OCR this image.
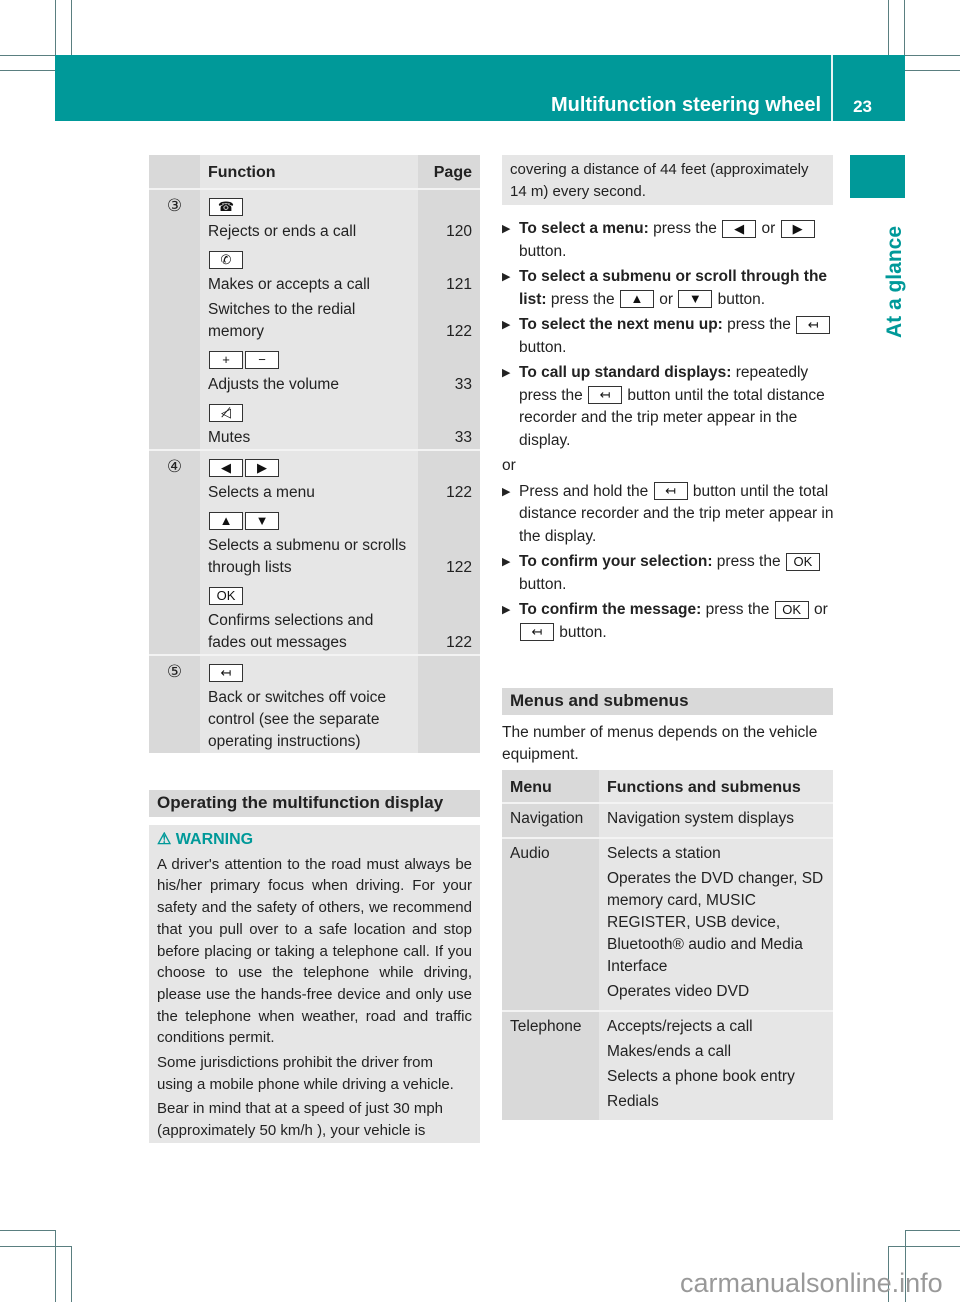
Multifunction steering wheel 23
At a glance
Function	Page
③	☎
Rejects or ends a call	120
✆
Makes or accepts a call	121
Switches to the redial memory	122
+ −
Adjusts the volume	33
◁̸
Mutes	33
④	◀ ▶
Selects a menu	122
▲ ▼
Selects a submenu or scrolls through lists	122
OK
Confirms selections and fades out messages	122
⑤	↤
Back or switches off voice control (see the separate operating instructions)
Operating the multifunction display
⚠ WARNING

A driver's attention to the road must always be his/her primary focus when driving. For your safety and the safety of others, we recommend that you pull over to a safe location and stop before placing or taking a telephone call. If you choose to use the telephone while driving, please use the hands-free device and only use the telephone when weather, road and traffic conditions permit.

Some jurisdictions prohibit the driver from using a mobile phone while driving a vehicle.

Bear in mind that at a speed of just 30 mph (approximately 50 km/h ), your vehicle is

covering a distance of 44 feet (approximately 14 m) every second.
▶ To select a menu: press the ◀ or ▶ button.
▶ To select a submenu or scroll through the list: press the ▲ or ▼ button.
▶ To select the next menu up: press the ↤ button.
▶ To call up standard displays: repeatedly press the ↤ button until the total distance recorder and the trip meter appear in the display.
or
▶ Press and hold the ↤ button until the total distance recorder and the trip meter appear in the display.
▶ To confirm your selection: press the OK button.
▶ To confirm the message: press the OK or ↤ button.
Menus and submenus
The number of menus depends on the vehicle equipment.
Menu	Functions and submenus
Navigation	Navigation system displays
Audio	Selects a station
Operates the DVD changer, SD memory card, MUSIC REGISTER, USB device, Bluetooth® audio and Media Interface
Operates video DVD
Telephone	Accepts/rejects a call
Makes/ends a call
Selects a phone book entry
Redials
carmanualsonline.info
